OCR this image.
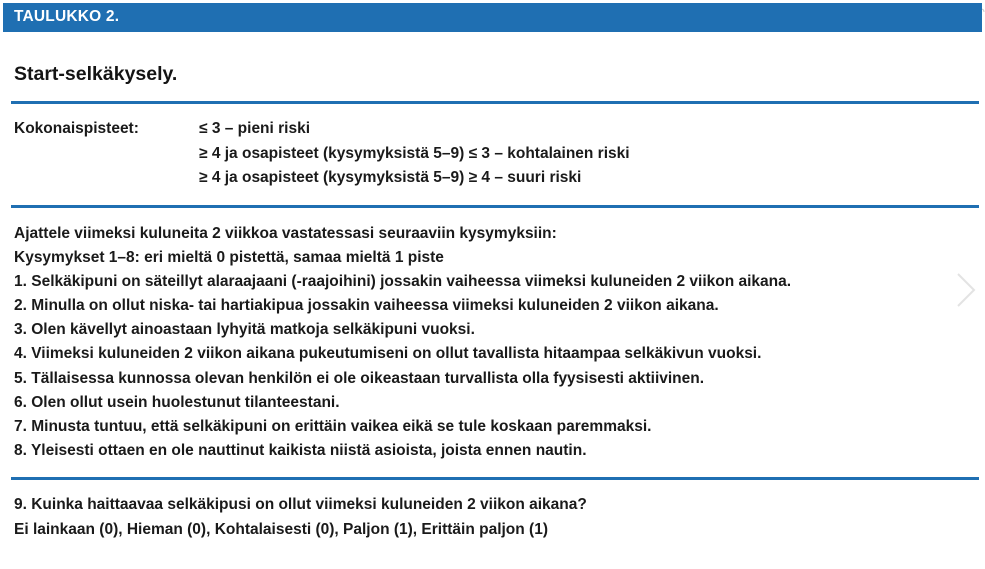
TAULUKKO 2.
Start-selkäkysely.
Kokonaispisteet:	≤ 3 – pieni riski
≥ 4 ja osapisteet (kysymyksistä 5–9) ≤ 3 – kohtalainen riski
≥ 4 ja osapisteet (kysymyksistä 5–9) ≥ 4 – suuri riski
Ajattele viimeksi kuluneita 2 viikkoa vastatessasi seuraaviin kysymyksiin:
Kysymykset 1–8: eri mieltä 0 pistettä, samaa mieltä 1 piste
1. Selkäkipuni on säteillyt alaraajaani (-raajoihini) jossakin vaiheessa viimeksi kuluneiden 2 viikon aikana.
2. Minulla on ollut niska- tai hartiakipua jossakin vaiheessa viimeksi kuluneiden 2 viikon aikana.
3. Olen kävellyt ainoastaan lyhyitä matkoja selkäkipuni vuoksi.
4. Viimeksi kuluneiden 2 viikon aikana pukeutumiseni on ollut tavallista hitaampaa selkäkivun vuoksi.
5. Tällaisessa kunnossa olevan henkilön ei ole oikeastaan turvallista olla fyysisesti aktiivinen.
6. Olen ollut usein huolestunut tilanteestani.
7. Minusta tuntuu, että selkäkipuni on erittäin vaikea eikä se tule koskaan paremmaksi.
8. Yleisesti ottaen en ole nauttinut kaikista niistä asioista, joista ennen nautin.
9. Kuinka haittaavaa selkäkipusi on ollut viimeksi kuluneiden 2 viikon aikana?
Ei lainkaan (0), Hieman (0), Kohtalaisesti (0), Paljon (1), Erittäin paljon (1)
